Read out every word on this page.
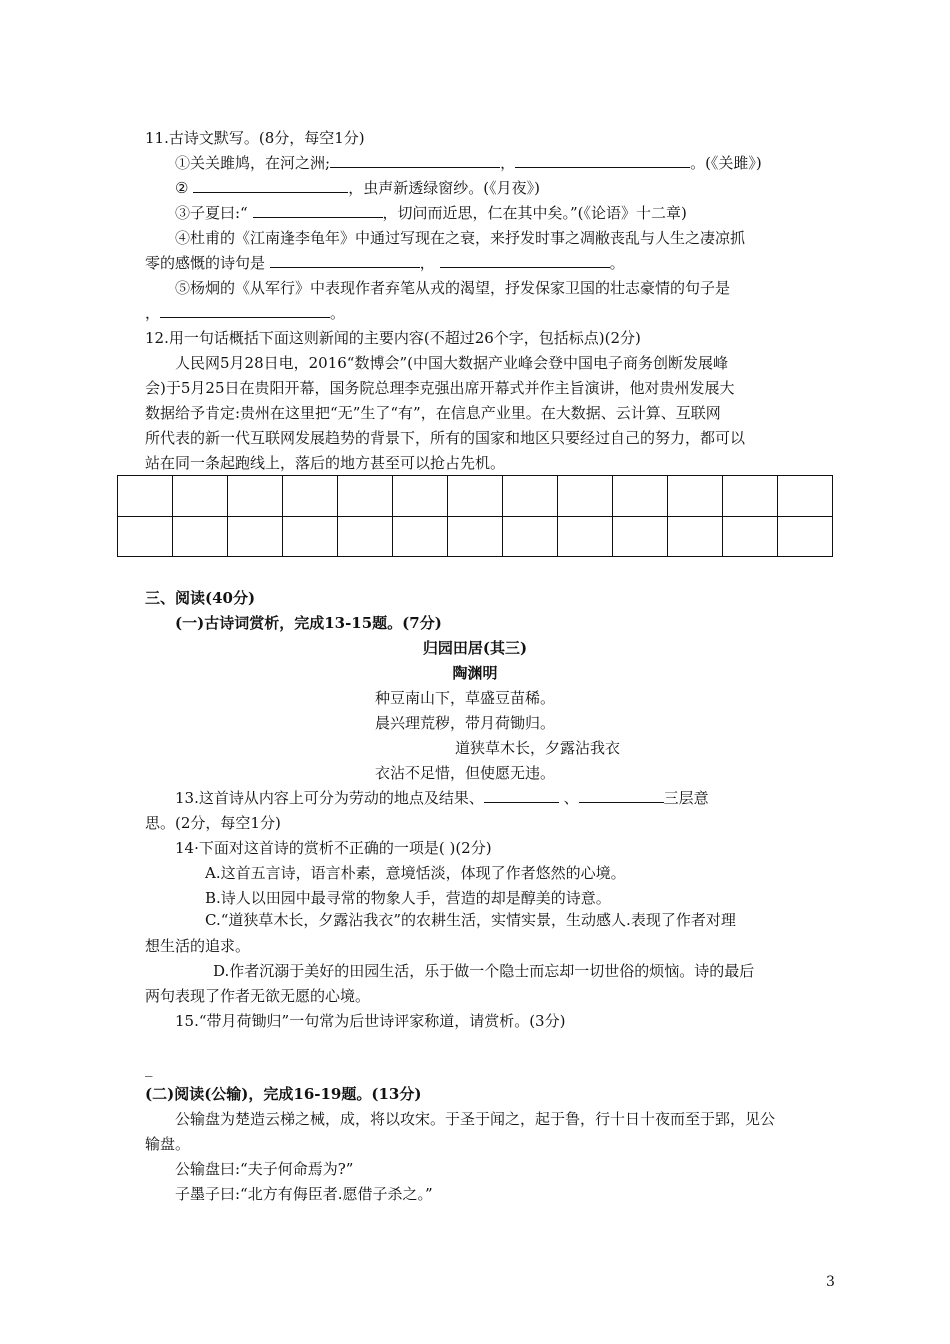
11.古诗文默写。(8分，每空1分)
①关关雎鸠，在河之洲;	，	。(《关雎》)
②	，虫声新透绿窗纱。(《月夜》)
③子夏曰:“	，切问而近思，仁在其中矣。”(《论语》十二章)
④杜甫的《江南逢李龟年》中通过写现在之衰，来抒发时事之凋敝丧乱与人生之凄凉抓
零的感慨的诗句是	，	。
⑤杨炯的《从军行》中表现作者弃笔从戎的渴望，抒发保家卫国的壮志豪情的句子是
，	。
12.用一句话概括下面这则新闻的主要内容(不超过26个字，包括标点)(2分)
人民网5月28日电，2016“数博会”(中国大数据产业峰会登中国电子商务创断发展峰
会)于5月25日在贵阳开幕，国务院总理李克强出席开幕式并作主旨演讲，他对贵州发展大
数据给予肯定:贵州在这里把“无”生了“有”，在信息产业里。在大数据、云计算、互联网
所代表的新一代互联网发展趋势的背景下，所有的国家和地区只要经过自己的努力，都可以
站在同一条起跑线上，落后的地方甚至可以抢占先机。

三、阅读(40分)
(一)古诗词赏析，完成13-15题。(7分)
归园田居(其三)
陶渊明
种豆南山下，草盛豆苗稀。
晨兴理荒秽，带月荷锄归。
道狭草木长，夕露沾我衣
衣沾不足惜，但使愿无违。
13.这首诗从内容上可分为劳动的地点及结果、	、	三层意
思。(2分，每空1分)
14·下面对这首诗的赏析不正确的一项是( )(2分)
A.这首五言诗，语言朴素，意境恬淡，体现了作者悠然的心境。
B.诗人以田园中最寻常的物象人手，营造的却是醇美的诗意。
C.“道狭草木长，夕露沾我衣”的农耕生活，实情实景，生动感人.表现了作者对理
想生活的追求。
D.作者沉溺于美好的田园生活，乐于做一个隐士而忘却一切世俗的烦恼。诗的最后
两句表现了作者无欲无愿的心境。
15.“带月荷锄归”一句常为后世诗评家称道，请赏析。(3分)
_
(二)阅读(公输)，完成16-19题。(13分)
公输盘为楚造云梯之械，成，将以攻宋。于圣于闻之，起于鲁，行十日十夜而至于郢，见公
输盘。
公输盘曰:“夫子何命焉为?”
子墨子曰:“北方有侮臣者.愿借子杀之。”
3
